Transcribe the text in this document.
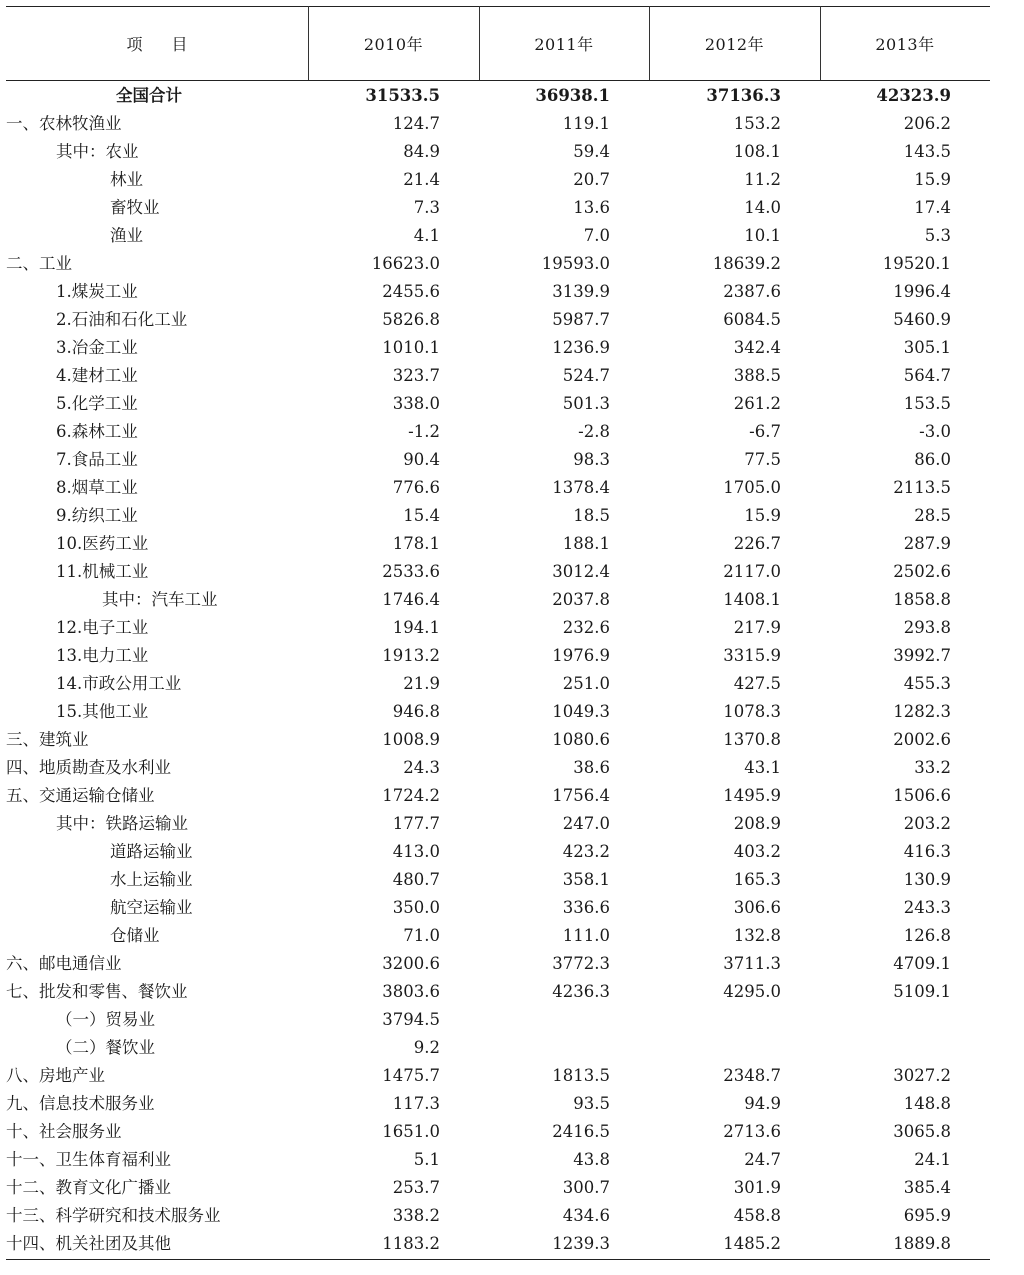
项 目	2010年	2011年	2012年	2013年
全国合计	31533.5	36938.1	37136.3	42323.9
一、农林牧渔业	124.7	119.1	153.2	206.2
其中：农业	84.9	59.4	108.1	143.5
林业	21.4	20.7	11.2	15.9
畜牧业	7.3	13.6	14.0	17.4
渔业	4.1	7.0	10.1	5.3
二、工业	16623.0	19593.0	18639.2	19520.1
1.煤炭工业	2455.6	3139.9	2387.6	1996.4
2.石油和石化工业	5826.8	5987.7	6084.5	5460.9
3.冶金工业	1010.1	1236.9	342.4	305.1
4.建材工业	323.7	524.7	388.5	564.7
5.化学工业	338.0	501.3	261.2	153.5
6.森林工业	-1.2	-2.8	-6.7	-3.0
7.食品工业	90.4	98.3	77.5	86.0
8.烟草工业	776.6	1378.4	1705.0	2113.5
9.纺织工业	15.4	18.5	15.9	28.5
10.医药工业	178.1	188.1	226.7	287.9
11.机械工业	2533.6	3012.4	2117.0	2502.6
其中：汽车工业	1746.4	2037.8	1408.1	1858.8
12.电子工业	194.1	232.6	217.9	293.8
13.电力工业	1913.2	1976.9	3315.9	3992.7
14.市政公用工业	21.9	251.0	427.5	455.3
15.其他工业	946.8	1049.3	1078.3	1282.3
三、建筑业	1008.9	1080.6	1370.8	2002.6
四、地质勘查及水利业	24.3	38.6	43.1	33.2
五、交通运输仓储业	1724.2	1756.4	1495.9	1506.6
其中：铁路运输业	177.7	247.0	208.9	203.2
道路运输业	413.0	423.2	403.2	416.3
水上运输业	480.7	358.1	165.3	130.9
航空运输业	350.0	336.6	306.6	243.3
仓储业	71.0	111.0	132.8	126.8
六、邮电通信业	3200.6	3772.3	3711.3	4709.1
七、批发和零售、餐饮业	3803.6	4236.3	4295.0	5109.1
（一）贸易业	3794.5
（二）餐饮业	9.2
八、房地产业	1475.7	1813.5	2348.7	3027.2
九、信息技术服务业	117.3	93.5	94.9	148.8
十、社会服务业	1651.0	2416.5	2713.6	3065.8
十一、卫生体育福利业	5.1	43.8	24.7	24.1
十二、教育文化广播业	253.7	300.7	301.9	385.4
十三、科学研究和技术服务业	338.2	434.6	458.8	695.9
十四、机关社团及其他	1183.2	1239.3	1485.2	1889.8
